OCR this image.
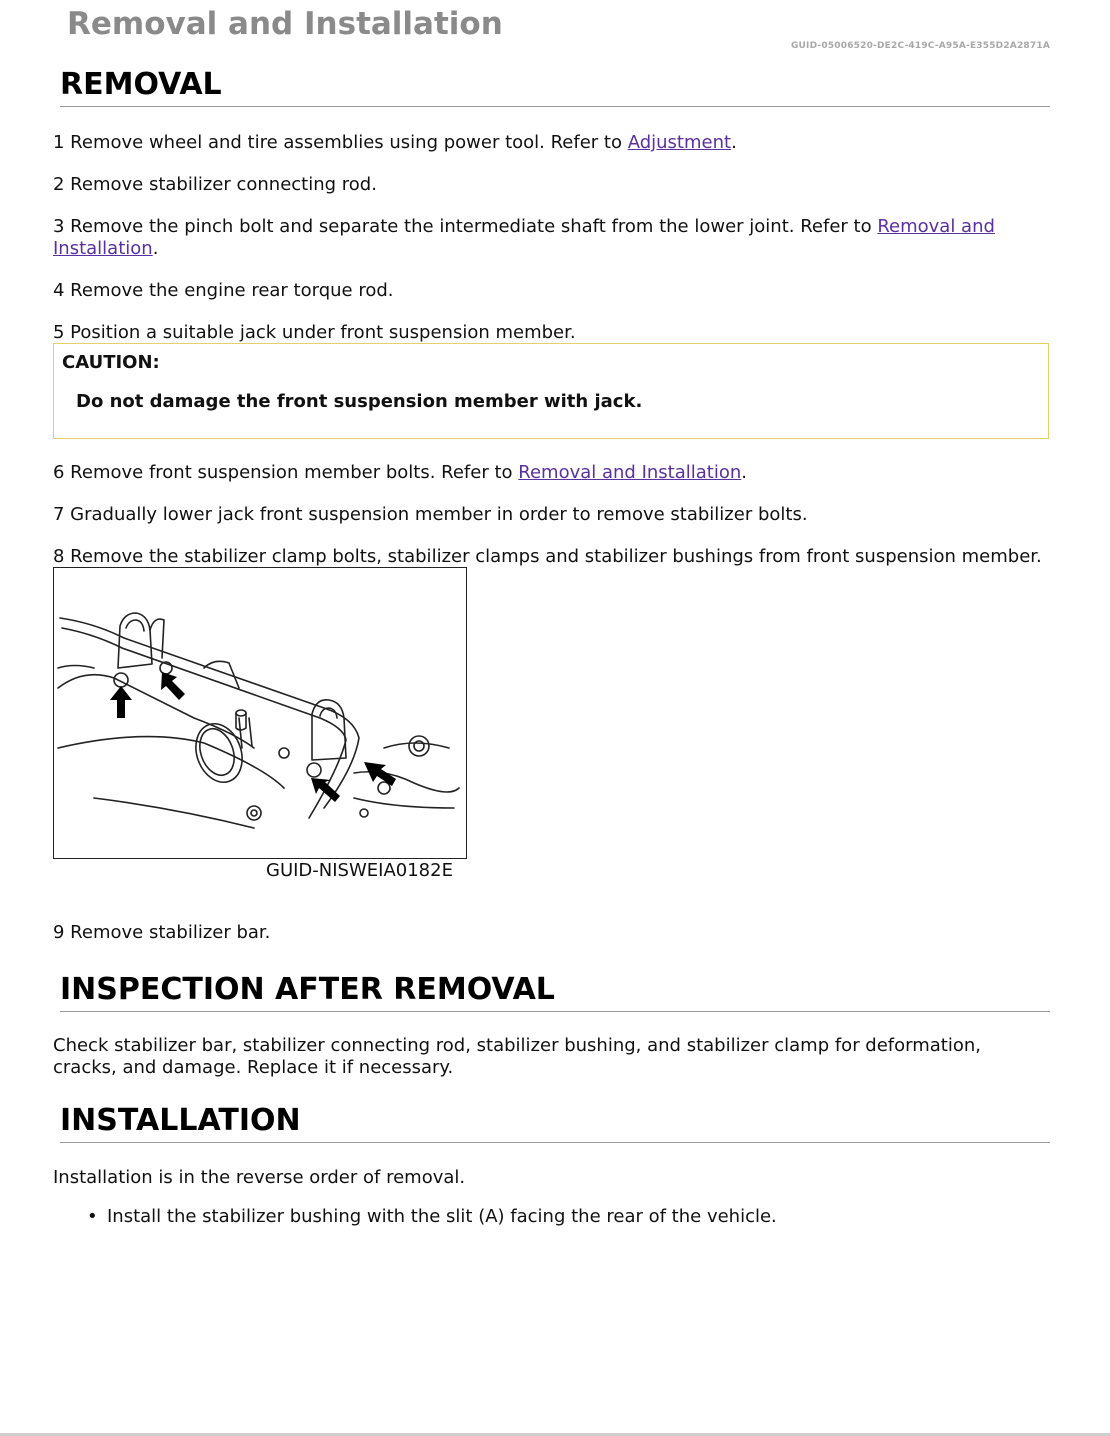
Removal and Installation
GUID-05006520-DE2C-419C-A95A-E355D2A2871A
REMOVAL

1 Remove wheel and tire assemblies using power tool. Refer to Adjustment.

2 Remove stabilizer connecting rod.

3 Remove the pinch bolt and separate the intermediate shaft from the lower joint. Refer to Removal and Installation.

4 Remove the engine rear torque rod.

5 Position a suitable jack under front suspension member.

CAUTION:
Do not damage the front suspension member with jack.

6 Remove front suspension member bolts. Refer to Removal and Installation.

7 Gradually lower jack front suspension member in order to remove stabilizer bolts.

8 Remove the stabilizer clamp bolts, stabilizer clamps and stabilizer bushings from front suspension member.

GUID-NISWEIA0182E

9 Remove stabilizer bar.

INSPECTION AFTER REMOVAL

Check stabilizer bar, stabilizer connecting rod, stabilizer bushing, and stabilizer clamp for deformation, cracks, and damage. Replace it if necessary.

INSTALLATION

Installation is in the reverse order of removal.

• Install the stabilizer bushing with the slit (A) facing the rear of the vehicle.
